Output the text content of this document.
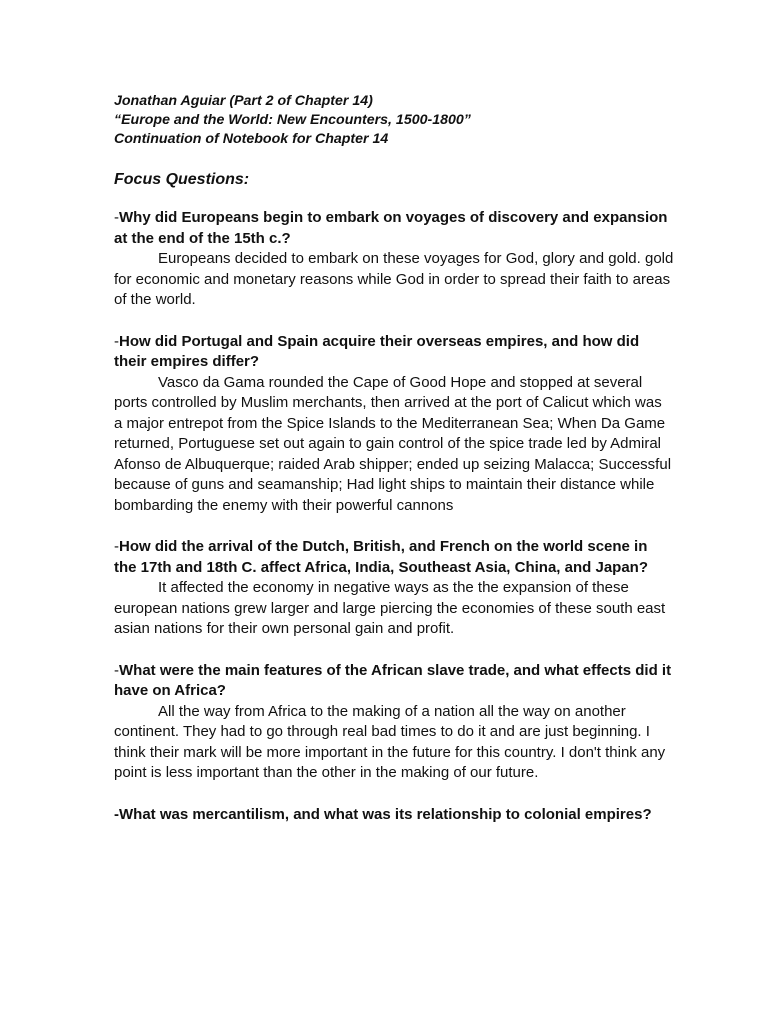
Jonathan Aguiar (Part 2 of Chapter 14)

“Europe and the World: New Encounters, 1500-1800”

Continuation of Notebook for Chapter 14

Focus Questions:

-Why did Europeans begin to embark on voyages of discovery and expansion at the end of the 15th c.?

Europeans decided to embark on these voyages for God, glory and gold. gold for economic and monetary reasons while God in order to spread their faith to areas of the world.

-How did Portugal and Spain acquire their overseas empires, and how did their empires differ?

Vasco da Gama rounded the Cape of Good Hope and stopped at several ports controlled by Muslim merchants, then arrived at the port of Calicut which was a major entrepot from the Spice Islands to the Mediterranean Sea; When Da Game returned, Portuguese set out again to gain control of the spice trade led by Admiral Afonso de Albuquerque; raided Arab shipper; ended up seizing Malacca; Successful because of guns and seamanship; Had light ships to maintain their distance while bombarding the enemy with their powerful cannons

-How did the arrival of the Dutch, British, and French on the world scene in the 17th and 18th C. affect Africa, India, Southeast Asia, China, and Japan?

It affected the economy in negative ways as the the expansion of these european nations grew larger and large piercing the economies of these south east asian nations for their own personal gain and profit.

-What were the main features of the African slave trade, and what effects did it have on Africa?

All the way from Africa to the making of a nation all the way on another continent. They had to go through real bad times to do it and are just beginning. I think their mark will be more important in the future for this country. I don't think any point is less important than the other in the making of our future.

-What was mercantilism, and what was its relationship to colonial empires?
